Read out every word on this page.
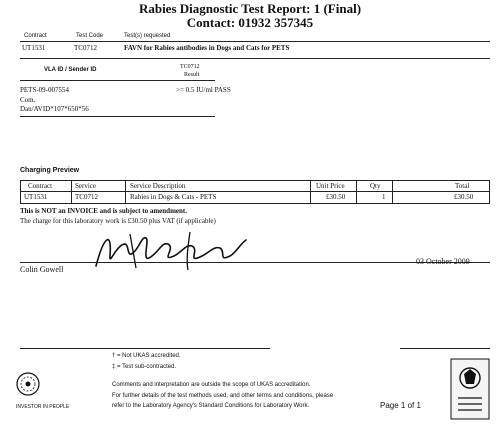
Rabies Diagnostic Test Report: 1 (Final)
Contact: 01932 357345
Contract	Test Code	Test(s) requested
UT1531	TC0712	FAVN for Rabies antibodies in Dogs and Cats for PETS
VLA ID / Sender ID	TC0712
Result
PETS-09-007554	>= 0.5 IU/ml PASS
Com.
Dan/AVID*107*650*56
Charging Preview
Contract	Service	Service Description	Unit Price	Qty	Total
UT1531	TC0712	Rabies in Dogs & Cats - PETS	£30.50	1	£30.50
This is NOT an INVOICE and is subject to amendment.
The charge for this laboratory work is £30.50 plus VAT (if applicable)
Colin Gowell
03 October 2009
† = Not UKAS accredited.
‡ = Test sub-contracted.
Comments and interpretation are outside the scope of UKAS accreditation.
For further details of the test methods used, and other terms and conditions, please
refer to the Laboratory Agency's Standard Conditions for Laboratory Work.	Page 1 of 1
INVESTOR IN PEOPLE
